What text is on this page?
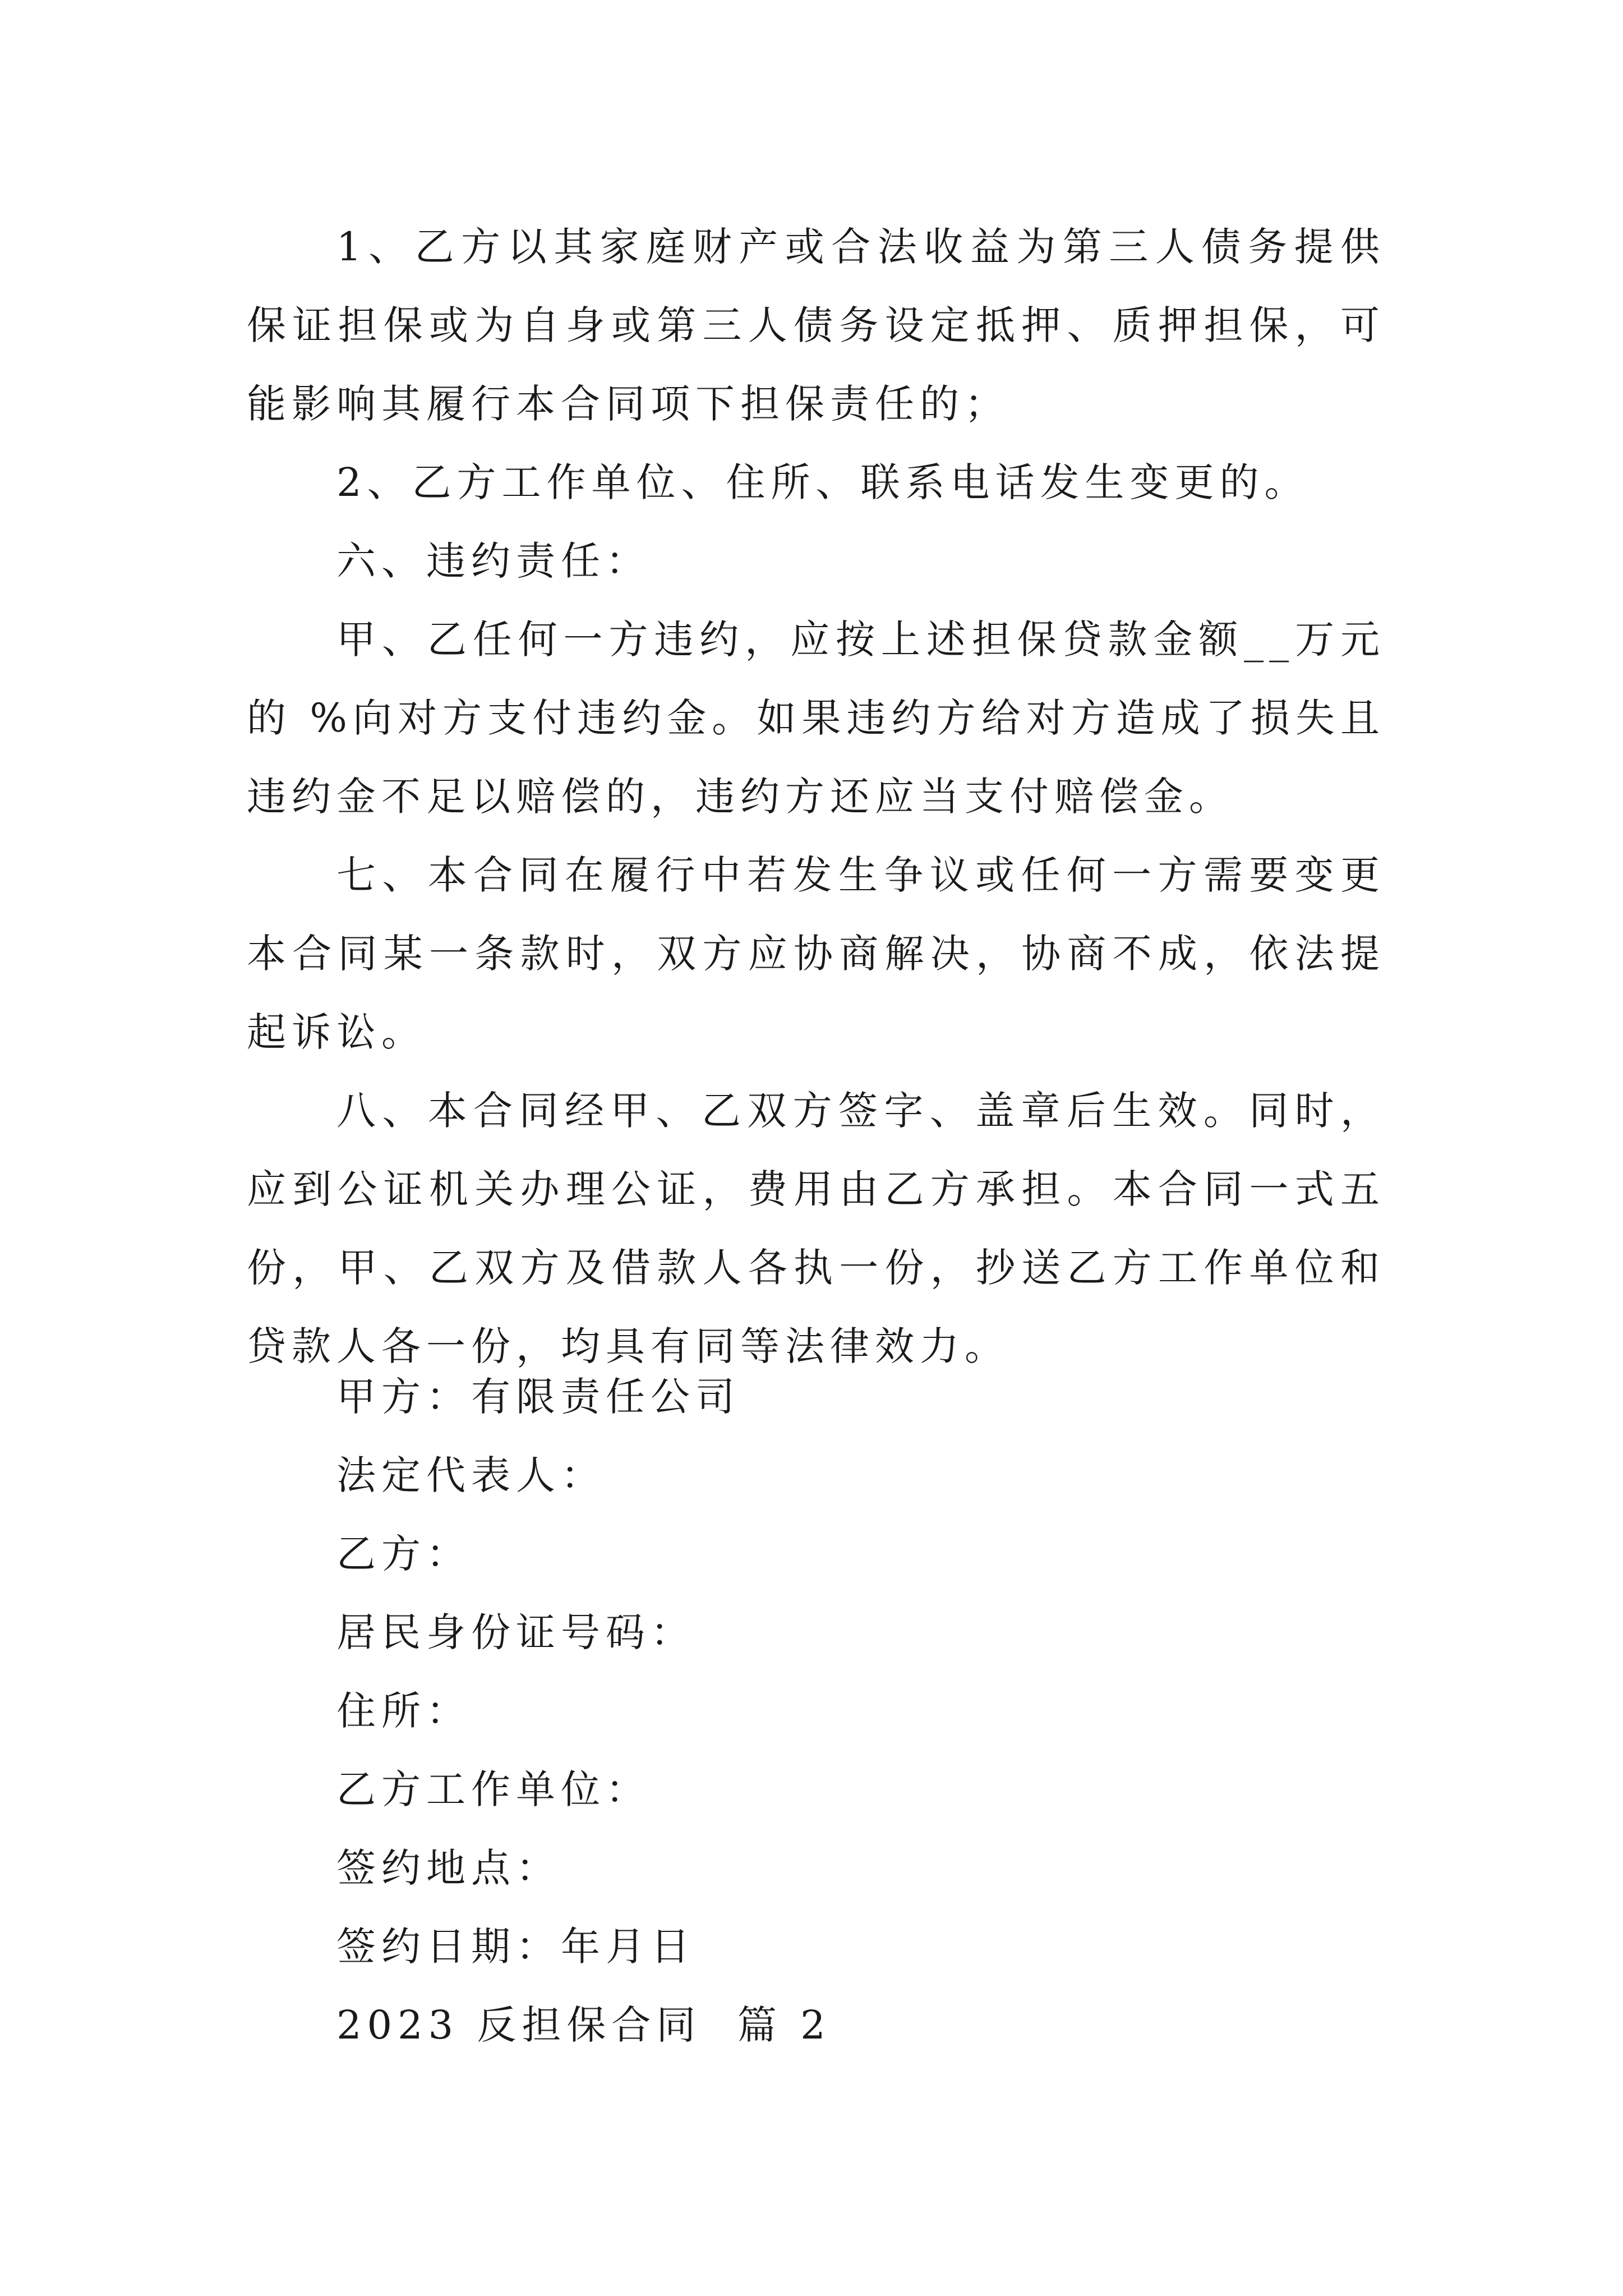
1、乙方以其家庭财产或合法收益为第三人债务提供保证担保或为自身或第三人债务设定抵押、质押担保，可能影响其履行本合同项下担保责任的；

2、乙方工作单位、住所、联系电话发生变更的。

六、违约责任：

甲、乙任何一方违约，应按上述担保贷款金额__万元的 %向对方支付违约金。如果违约方给对方造成了损失且违约金不足以赔偿的，违约方还应当支付赔偿金。

七、本合同在履行中若发生争议或任何一方需要变更本合同某一条款时，双方应协商解决，协商不成，依法提起诉讼。

八、本合同经甲、乙双方签字、盖章后生效。同时，应到公证机关办理公证，费用由乙方承担。本合同一式五份，甲、乙双方及借款人各执一份，抄送乙方工作单位和贷款人各一份，均具有同等法律效力。

甲方：有限责任公司

法定代表人：

乙方：

居民身份证号码：

住所：

乙方工作单位：

签约地点：

签约日期：年月日

2023 反担保合同  篇 2
